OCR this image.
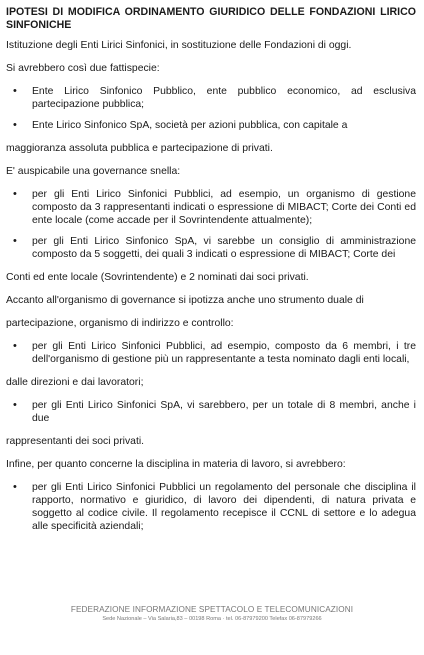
IPOTESI DI MODIFICA ORDINAMENTO GIURIDICO DELLE FONDAZIONI LIRICO SINFONICHE

Istituzione degli Enti Lirici Sinfonici, in sostituzione delle Fondazioni di oggi.

Si avrebbero così due fattispecie:

• Ente Lirico Sinfonico Pubblico, ente pubblico economico, ad esclusiva partecipazione pubblica;
• Ente Lirico Sinfonico SpA, società per azioni pubblica, con capitale a

maggioranza assoluta pubblica e partecipazione di privati.

E' auspicabile una governance snella:

• per gli Enti Lirico Sinfonici Pubblici, ad esempio, un organismo di gestione composto da 3 rappresentanti indicati o espressione di MIBACT; Corte dei Conti ed ente locale (come accade per il Sovrintendente attualmente);
• per gli Enti Lirico Sinfonico SpA, vi sarebbe un consiglio di amministrazione composto da 5 soggetti, dei quali 3 indicati o espressione di MIBACT; Corte dei

Conti ed ente locale (Sovrintendente) e 2 nominati dai soci privati.

Accanto all'organismo di governance si ipotizza anche uno strumento duale di

partecipazione, organismo di indirizzo e controllo:

• per gli Enti Lirico Sinfonici Pubblici, ad esempio, composto da 6 membri, i tre dell'organismo di gestione più un rappresentante a testa nominato dagli enti locali,

dalle direzioni e dai lavoratori;

• per gli Enti Lirico Sinfonici SpA, vi sarebbero, per un totale di 8 membri, anche i due

rappresentanti dei soci privati.

Infine, per quanto concerne la disciplina in materia di lavoro, si avrebbero:

• per gli Enti Lirico Sinfonici Pubblici un regolamento del personale che disciplina il rapporto, normativo e giuridico, di lavoro dei dipendenti, di natura privata e soggetto al codice civile. Il regolamento recepisce il CCNL di settore e lo adegua alle specificità aziendali;
FEDERAZIONE INFORMAZIONE SPETTACOLO E TELECOMUNICAZIONI
Sede Nazionale – Via Salaria,83 – 00198 Roma · tel. 06-87979200 Telefax 06-87979266
